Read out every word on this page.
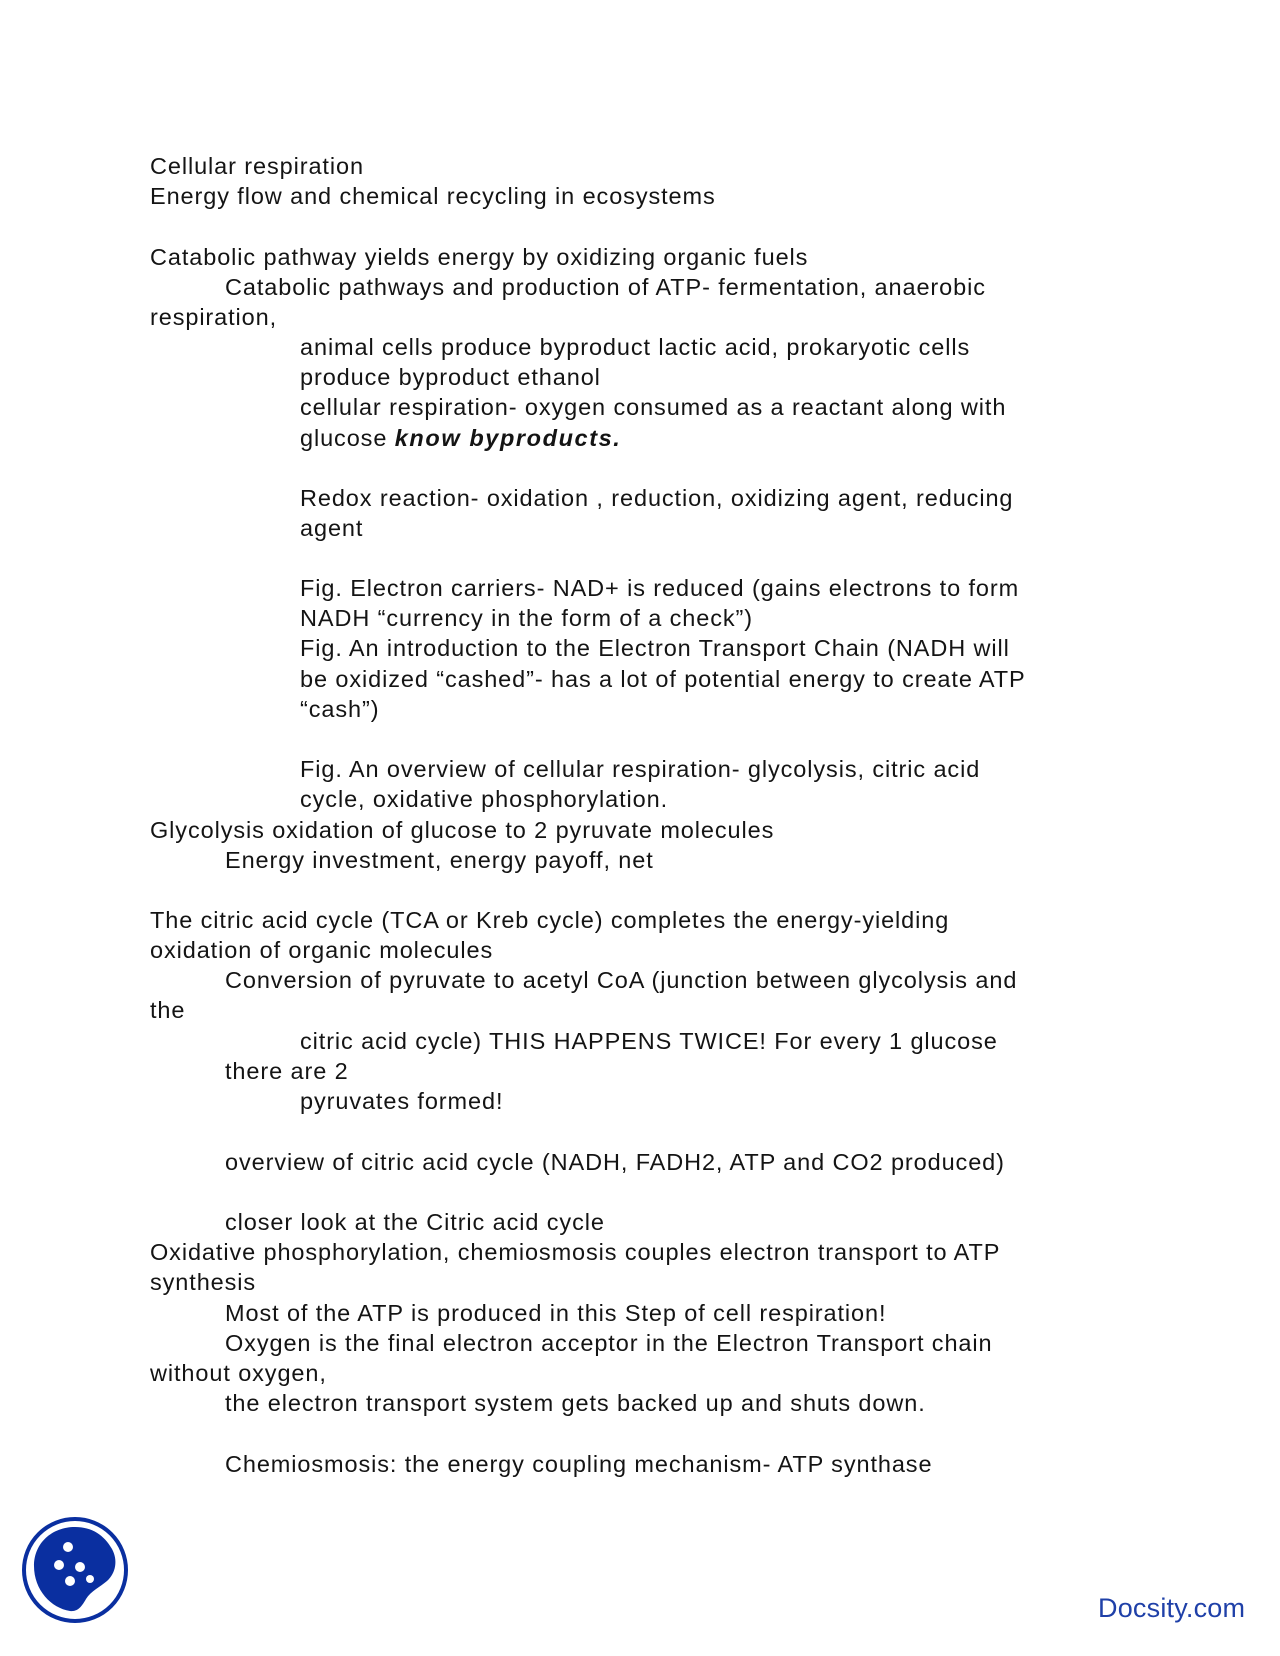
Cellular respiration
Energy flow and chemical recycling in ecosystems
Catabolic pathway yields energy by oxidizing organic fuels
Catabolic pathways and production of ATP- fermentation, anaerobic
respiration,
animal cells produce byproduct lactic acid, prokaryotic cells
produce byproduct ethanol
cellular respiration- oxygen consumed as a reactant along with
glucose know byproducts.
Redox reaction- oxidation , reduction, oxidizing agent, reducing
agent
Fig. Electron carriers- NAD+ is reduced (gains electrons to form
NADH “currency in the form of a check”)
Fig. An introduction to the Electron Transport Chain (NADH will
be oxidized “cashed”- has a lot of potential energy to create ATP
“cash”)
Fig. An overview of cellular respiration- glycolysis, citric acid
cycle, oxidative phosphorylation.
Glycolysis oxidation of glucose to 2 pyruvate molecules
Energy investment, energy payoff, net
The citric acid cycle (TCA or Kreb cycle) completes the energy-yielding
oxidation of organic molecules
Conversion of pyruvate to acetyl CoA (junction between glycolysis and
the
citric acid cycle) THIS HAPPENS TWICE! For every 1 glucose
there are 2
pyruvates formed!
overview of citric acid cycle (NADH, FADH2, ATP and CO2 produced)
closer look at the Citric acid cycle
Oxidative phosphorylation, chemiosmosis couples electron transport to ATP
synthesis
Most of the ATP is produced in this Step of cell respiration!
Oxygen is the final electron acceptor in the Electron Transport chain
without oxygen,
the electron transport system gets backed up and shuts down.
Chemiosmosis: the energy coupling mechanism- ATP synthase
Docsity.com
